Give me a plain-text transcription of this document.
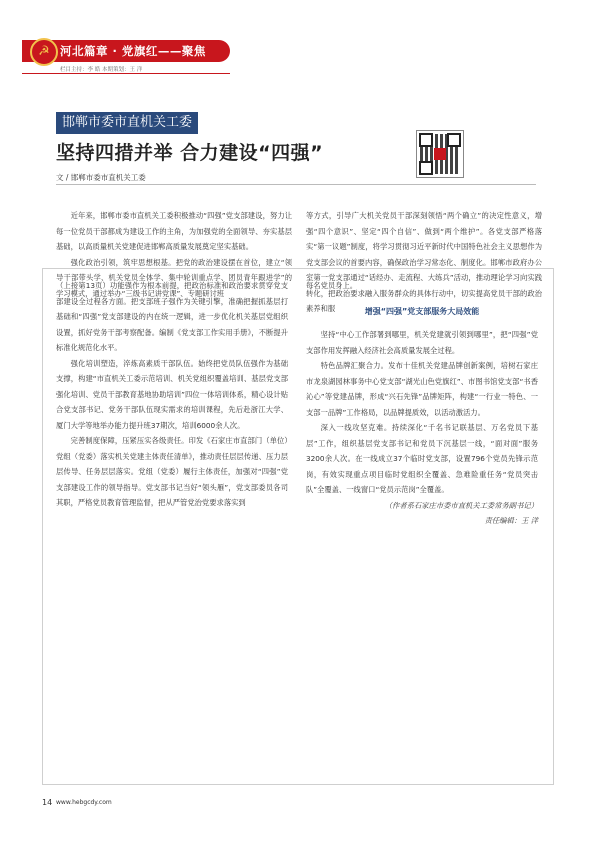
☭ 河北篇章 · 党旗红——聚焦
栏目主持：李 皓 本期策划：王 洋
邯郸市委市直机关工委
坚持四措并举 合力建设“四强”
文 / 邯郸市委市直机关工委

近年来，邯郸市委市直机关工委积极推动“四强”党支部建设，努力让每一位党员干部都成为建设工作的主角，为加强党的全面领导、夯实基层基础，以高质量机关党建促进邯郸高质量发展奠定坚实基础。

强化政治引领，筑牢思想根基。把党的政治建设摆在首位，建立“领导干部带头学、机关党员全体学、集中轮训重点学、团员青年跟进学”的学习模式，通过举办“三级书记讲党课”、专题研讨班

等方式，引导广大机关党员干部深刻领悟“两个确立”的决定性意义，增强“四个意识”、坚定“四个自信”、做到“两个维护”。各党支部严格落实“第一议题”制度，将学习贯彻习近平新时代中国特色社会主义思想作为党支部会议的首要内容，确保政治学习常态化、制度化。邯郸市政府办公室第一党支部通过“话经办、走流程、大练兵”活动，推动理论学习向实践转化，把政治要求融入服务群众的具体行动中，切实提高党员干部的政治素养和服

（上接第13页）功能强作为根本前提，把政治标准和政治要求贯穿党支部建设全过程各方面。把支部班子强作为关键引擎，准确把握抓基层打基础和“四强”党支部建设的内在统一逻辑，进一步优化机关基层党组织设置，抓好党务干部考察配备。编制《党支部工作实用手册》，不断提升标准化规范化水平。

强化培训塑造，淬炼高素质干部队伍。始终把党员队伍强作为基础支撑，构建“市直机关工委示范培训、机关党组织覆盖培训、基层党支部强化培训、党员干部教育基地协助培训”四位一体培训体系，精心设计贴合党支部书记、党务干部队伍现实需求的培训课程，先后赴浙江大学、厦门大学等地举办能力提升班37期次，培训6000余人次。

完善制度保障，压紧压实各级责任。印发《石家庄市直部门（单位）党组（党委）落实机关党建主体责任清单》，推动责任层层传递、压力层层传导、任务层层落实。党组（党委）履行主体责任，加强对“四强”党支部建设工作的领导指导。党支部书记当好“领头雁”，党支部委员各司其职，严格党员教育管理监督，把从严管党治党要求落实到

每名党员身上。

增强“四强”党支部服务大局效能

坚持“中心工作部署到哪里，机关党建就引领到哪里”，把“四强”党支部作用发挥融入经济社会高质量发展全过程。

特色品牌汇聚合力。发布十佳机关党建品牌创新案例，培树石家庄市龙泉湖园林事务中心党支部“湖光山色党旗红”、市图书馆党支部“书香沁心”等党建品牌，形成“兴石先锋”品牌矩阵，构建“一行业一特色、一支部一品牌”工作格局，以品牌提质效，以活动激活力。

深入一线攻坚克难。持续深化“千名书记联基层、万名党员下基层”工作，组织基层党支部书记和党员下沉基层一线，“面对面”服务3200余人次。在一线成立37个临时党支部，设置796个党员先锋示范岗，有效实现重点项目临时党组织全覆盖、急难险重任务“党员突击队”全覆盖、一线窗口“党员示范岗”全覆盖。

（作者系石家庄市委市直机关工委常务副书记）
责任编辑：王 洋
14 www.hebgcdy.com
